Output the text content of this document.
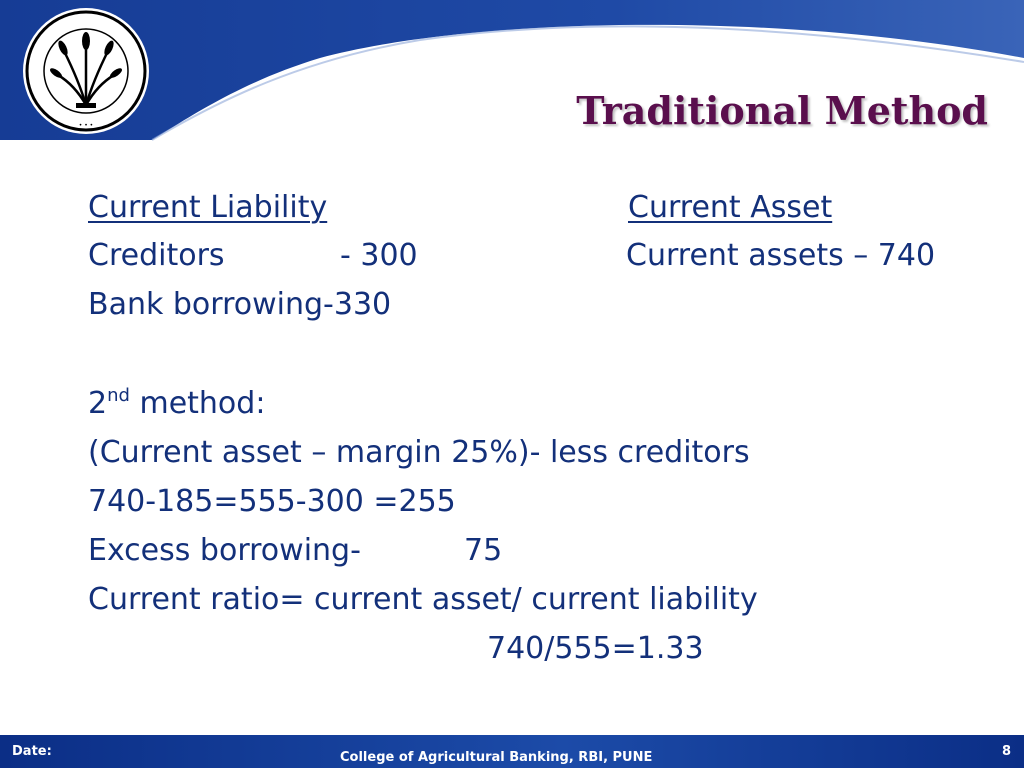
• • •	Traditional Method
Current Liability	Current Asset
Creditors	- 300	Current assets – 740
Bank borrowing-330
2nd method:
(Current asset – margin 25%)- less creditors
740-185=555-300 =255
Excess borrowing-	75
Current ratio= current asset/ current liability
740/555=1.33
Date:	College of Agricultural Banking, RBI, PUNE	8
